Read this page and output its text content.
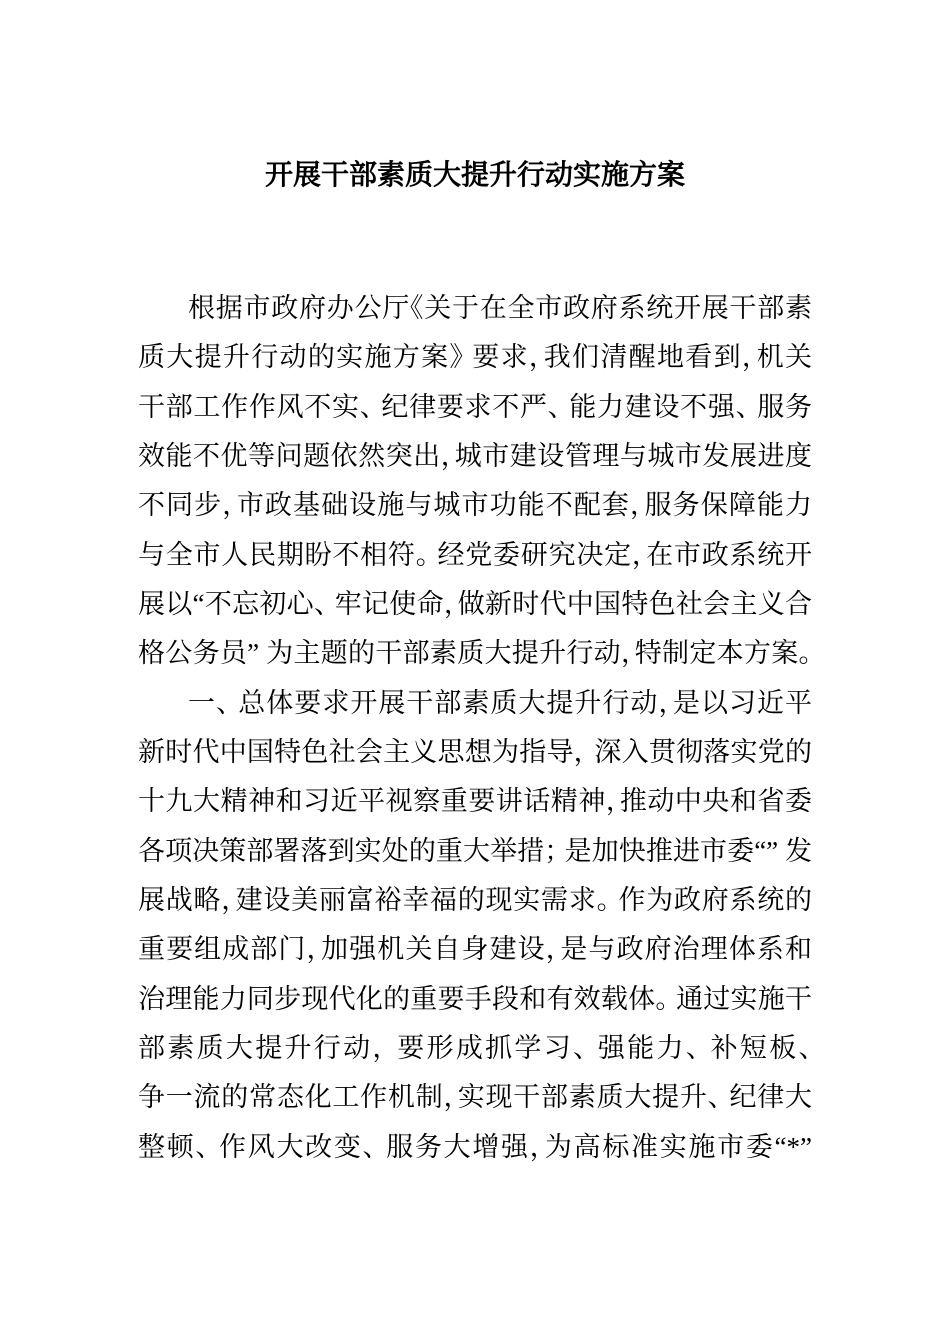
开展干部素质大提升行动实施方案
根据市政府办公厅《关于在全市政府系统开展干部素
质大提升行动的实施方案》 要求，我们清醒地看到，机关
干部工作作风不实、 纪律要求不严、 能力建设不强、 服务
效能不优等问题依然突出，城市建设管理与城市发展进度
不同步，市政基础设施与城市功能不配套，服务保障能力
与全市人民期盼不相符。 经党委研究决定，在市政系统开
展以“不忘初心、 牢记使命，做新时代中国特色社会主义合
格公务员” 为主题的干部素质大提升行动，特制定本方案。
一、 总体要求开展干部素质大提升行动，是以习近平
新时代中国特色社会主义思想为指导， 深入贯彻落实党的
十九大精神和习近平视察重要讲话精神，推动中央和省委
各项决策部署落到实处的重大举措； 是加快推进市委“” 发
展战略，建设美丽富裕幸福的现实需求。 作为政府系统的
重要组成部门，加强机关自身建设，是与政府治理体系和
治理能力同步现代化的重要手段和有效载体。 通过实施干
部素质大提升行动， 要形成抓学习、 强能力、 补短板、
争一流的常态化工作机制，实现干部素质大提升、 纪律大
整顿、 作风大改变、 服务大增强，为高标准实施市委“*”
